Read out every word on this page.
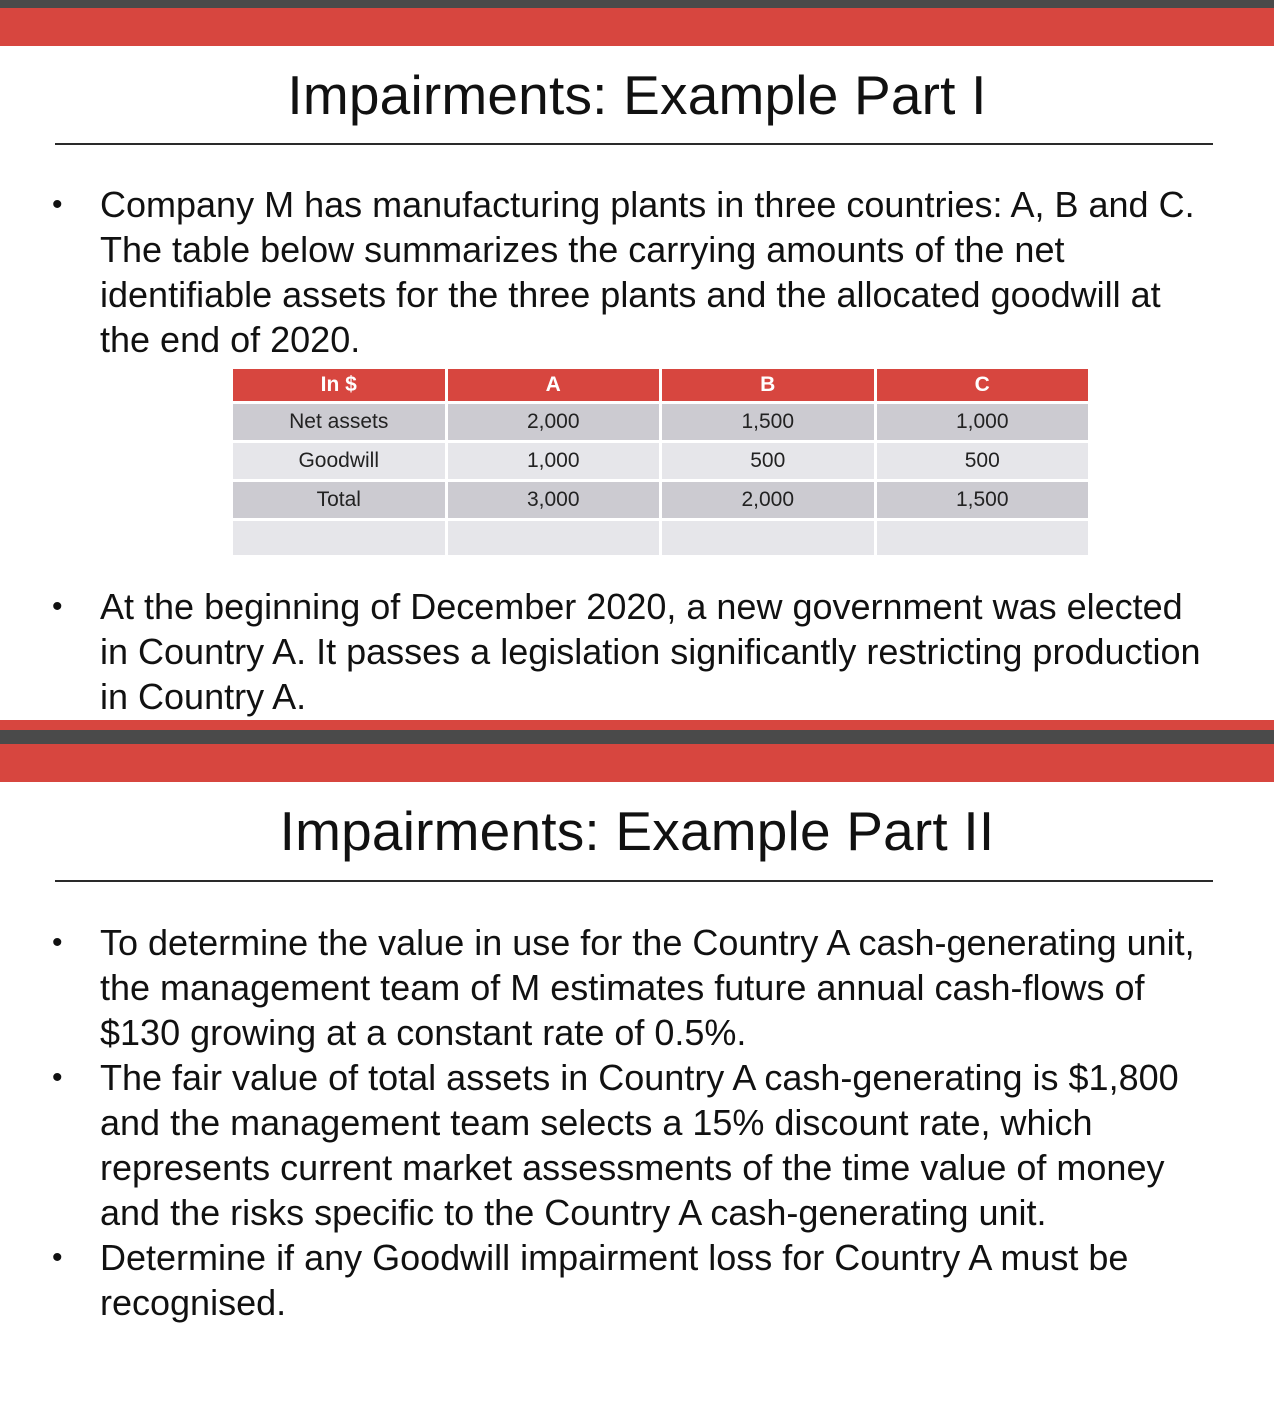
Impairments: Example Part I
• Company M has manufacturing plants in three countries: A, B and C. The table below summarizes the carrying amounts of the net identifiable assets for the three plants and the allocated goodwill at the end of 2020.
In $	A	B	C
Net assets	2,000	1,500	1,000
Goodwill	1,000	500	500
Total	3,000	2,000	1,500

• At the beginning of December 2020, a new government was elected in Country A. It passes a legislation significantly restricting production in Country A.
Impairments: Example Part II
• To determine the value in use for the Country A cash-generating unit, the management team of M estimates future annual cash-flows of $130 growing at a constant rate of 0.5%.
• The fair value of total assets in Country A cash-generating is $1,800 and the management team selects a 15% discount rate, which represents current market assessments of the time value of money and the risks specific to the Country A cash-generating unit.
• Determine if any Goodwill impairment loss for Country A must be recognised.
